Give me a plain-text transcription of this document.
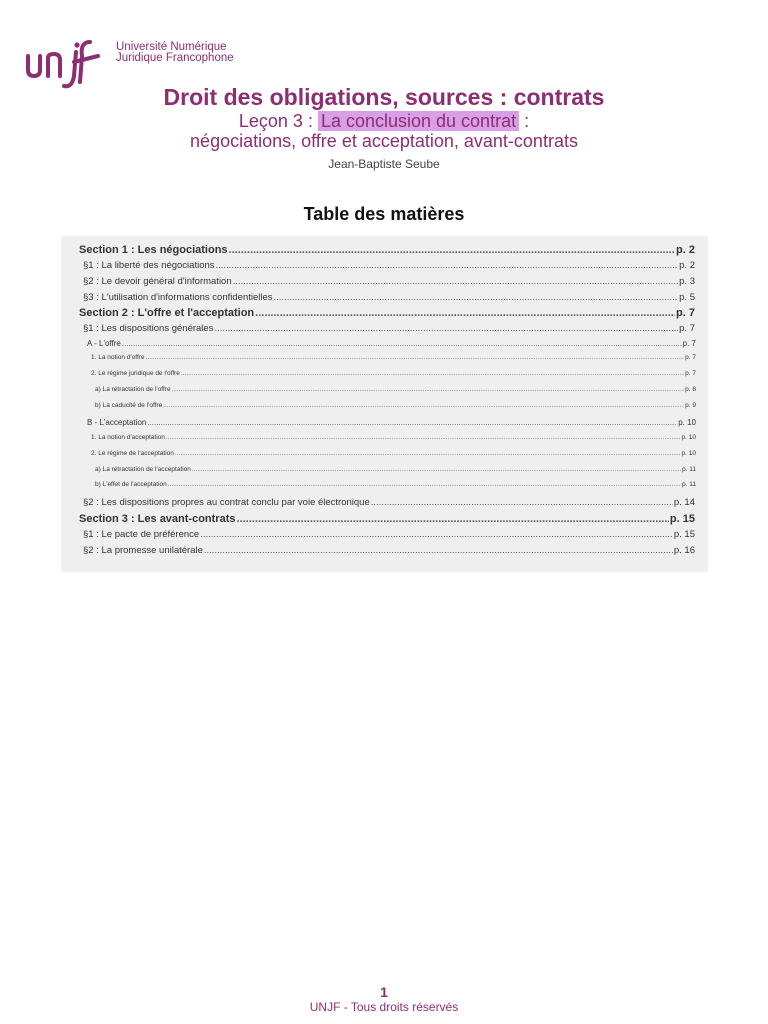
Université Numérique
Juridique Francophone
Droit des obligations, sources : contrats
Leçon 3 : La conclusion du contrat :
négociations, offre et acceptation, avant-contrats
Jean-Baptiste Seube
Table des matières
Section 1 : Les négociations .....	p. 2
§1 : La liberté des négociations .....	p. 2
§2 : Le devoir général d'information .....	p. 3
§3 : L'utilisation d'informations confidentielles .....	p. 5
Section 2 : L'offre et l'acceptation .....	p. 7
§1 : Les dispositions générales .....	p. 7
A - L'offre .....	p. 7
1. La notion d'offre .....	p. 7
2. Le régime juridique de l'offre .....	p. 7
a) La rétractation de l'offre .....	p. 8
b) La caducité de l'offre .....	p. 9
B - L'acceptation .....	p. 10
1. La notion d'acceptation .....	p. 10
2. Le régime de l'acceptation .....	p. 10
a) La rétractation de l'acceptation .....	p. 11
b) L'effet de l'acceptation .....	p. 11
§2 : Les dispositions propres au contrat conclu par voie électronique .....	p. 14
Section 3 : Les avant-contrats .....	p. 15
§1 : Le pacte de préférence .....	p. 15
§2 : La promesse unilatérale .....	p. 16
1
UNJF - Tous droits réservés
